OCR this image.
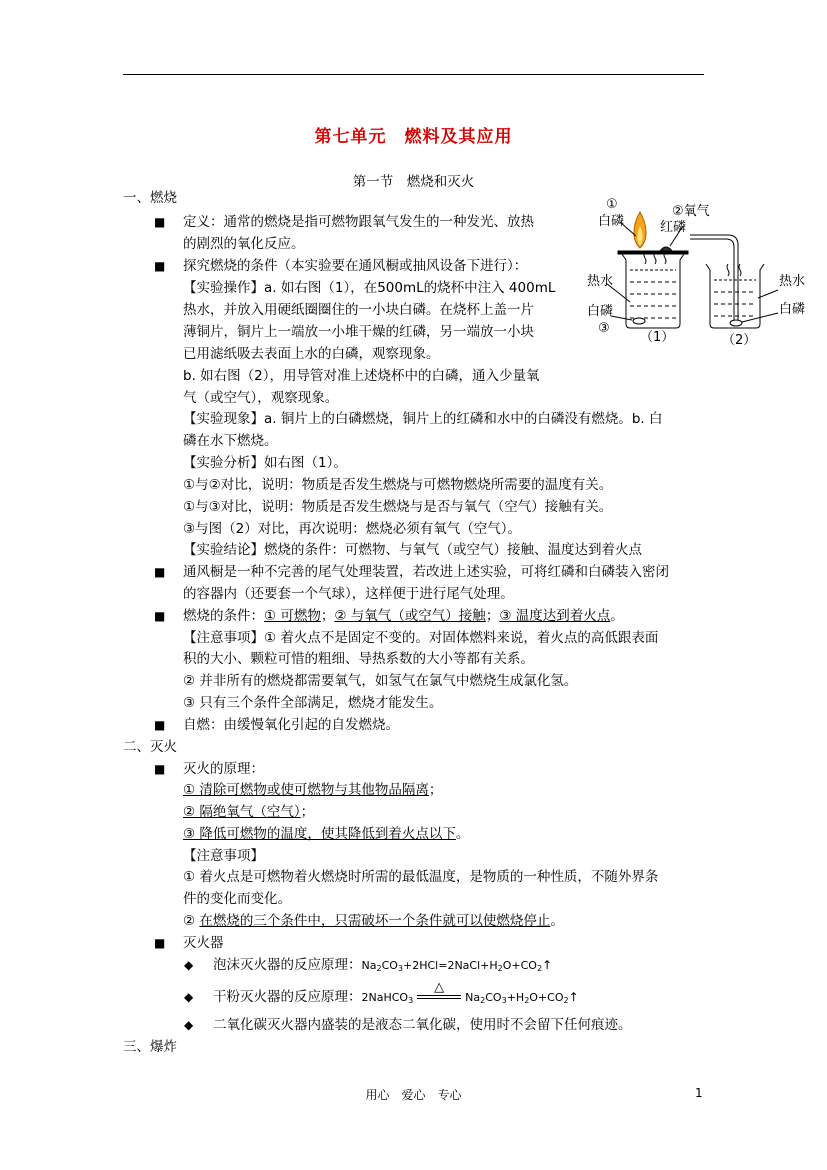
第七单元　燃料及其应用
第一节　燃烧和灭火
一、燃烧
■ 定义：通常的燃烧是指可燃物跟氧气发生的一种发光、放热
的剧烈的氧化反应。
■ 探究燃烧的条件（本实验要在通风橱或抽风设备下进行）：
【实验操作】a. 如右图（1），在500mL的烧杯中注入 400mL
热水，并放入用硬纸圈圈住的一小块白磷。在烧杯上盖一片
薄铜片，铜片上一端放一小堆干燥的红磷，另一端放一小块
已用滤纸吸去表面上水的白磷，观察现象。
b. 如右图（2），用导管对准上述烧杯中的白磷，通入少量氧
气（或空气），观察现象。
【实验现象】a. 铜片上的白磷燃烧，铜片上的红磷和水中的白磷没有燃烧。b. 白
磷在水下燃烧。
【实验分析】如右图（1）。
①与②对比，说明：物质是否发生燃烧与可燃物燃烧所需要的温度有关。
①与③对比，说明：物质是否发生燃烧与是否与氧气（空气）接触有关。
③与图（2）对比，再次说明：燃烧必须有氧气（空气）。
【实验结论】燃烧的条件：可燃物、与氧气（或空气）接触、温度达到着火点
■ 通风橱是一种不完善的尾气处理装置，若改进上述实验，可将红磷和白磷装入密闭
的容器内（还要套一个气球），这样便于进行尾气处理。
■ 燃烧的条件：① 可燃物；② 与氧气（或空气）接触；③ 温度达到着火点。
【注意事项】① 着火点不是固定不变的。对固体燃料来说，着火点的高低跟表面
积的大小、颗粒可惜的粗细、导热系数的大小等都有关系。
② 并非所有的燃烧都需要氧气，如氢气在氯气中燃烧生成氯化氢。
③ 只有三个条件全部满足，燃烧才能发生。
■ 自燃：由缓慢氧化引起的自发燃烧。
二、灭火
■ 灭火的原理：
① 清除可燃物或使可燃物与其他物品隔离；
② 隔绝氧气（空气）；
③ 降低可燃物的温度，使其降低到着火点以下。
【注意事项】
① 着火点是可燃物着火燃烧时所需的最低温度，是物质的一种性质，不随外界条
件的变化而变化。
② 在燃烧的三个条件中，只需破坏一个条件就可以使燃烧停止。
■ 灭火器
◆ 泡沫灭火器的反应原理：$Na_2CO_3+2HCl=2NaCl+H_2O+CO_2↑$
◆ 干粉灭火器的反应原理：2NaHCO$_3$
△
$Na_2CO_3+H_2O+CO_2↑$
◆ 二氧化碳灭火器内盛装的是液态二氧化碳，使用时不会留下任何痕迹。
三、爆炸
①
白磷
②氧气
红磷
热水
白磷
③
（1）
热水
白磷
（2）
用心　爱心　专心	1
